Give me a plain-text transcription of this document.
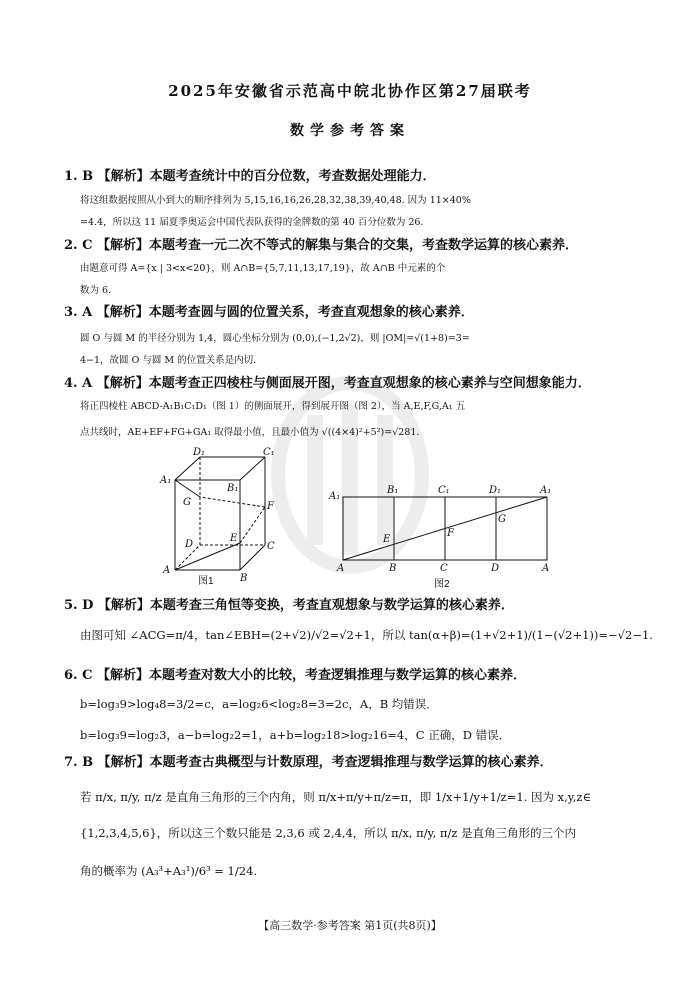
2025年安徽省示范高中皖北协作区第27届联考
数学参考答案
1. B 【解析】本题考查统计中的百分位数，考查数据处理能力．
将这组数据按照从小到大的顺序排列为 5,15,16,16,26,28,32,38,39,40,48. 因为 11×40%
=4.4，所以这 11 届夏季奥运会中国代表队获得的金牌数的第 40 百分位数为 26.
2. C 【解析】本题考查一元二次不等式的解集与集合的交集，考查数学运算的核心素养．
由题意可得 A={x | 3<x<20}，则 A∩B={5,7,11,13,17,19}，故 A∩B 中元素的个
数为 6.
3. A 【解析】本题考查圆与圆的位置关系，考查直观想象的核心素养．
圆 O 与圆 M 的半径分别为 1,4，圆心坐标分别为 (0,0),(−1,2√2)，则 |OM|=√(1+8)=3=
4−1，故圆 O 与圆 M 的位置关系是内切．
4. A 【解析】本题考查正四棱柱与侧面展开图，考查直观想象的核心素养与空间想象能力．
将正四棱柱 ABCD-A₁B₁C₁D₁（图 1）的侧面展开，得到展开图（图 2），当 A,E,F,G,A₁ 五
点共线时，AE+EF+FG+GA₁ 取得最小值，且最小值为 √((4×4)²+5²)=√281.
D₁	C₁
A₁
B₁
G	F
D
E
C
A
B
图1
A₁
B₁	C₁	D₁	A₁
A	B	C	D	A
E
F
G
图2
5. D 【解析】本题考查三角恒等变换，考查直观想象与数学运算的核心素养．
由图可知 ∠ACG=π/4，tan∠EBH=(2+√2)/√2=√2+1，所以 tan(α+β)=(1+√2+1)/(1−(√2+1))=−√2−1.
6. C 【解析】本题考查对数大小的比较，考查逻辑推理与数学运算的核心素养．
b=log₃9>log₄8=3/2=c，a=log₂6<log₂8=3=2c，A，B 均错误．
b=log₃9=log₂3，a−b=log₂2=1，a+b=log₂18>log₂16=4，C 正确，D 错误．
7. B 【解析】本题考查古典概型与计数原理，考查逻辑推理与数学运算的核心素养．
若 π/x, π/y, π/z 是直角三角形的三个内角，则 π/x+π/y+π/z=π，即 1/x+1/y+1/z=1. 因为 x,y,z∈
{1,2,3,4,5,6}，所以这三个数只能是 2,3,6 或 2,4,4，所以 π/x, π/y, π/z 是直角三角形的三个内
角的概率为 (A₃³+A₃¹)/6³ = 1/24.
【高三数学·参考答案 第1页(共8页)】
